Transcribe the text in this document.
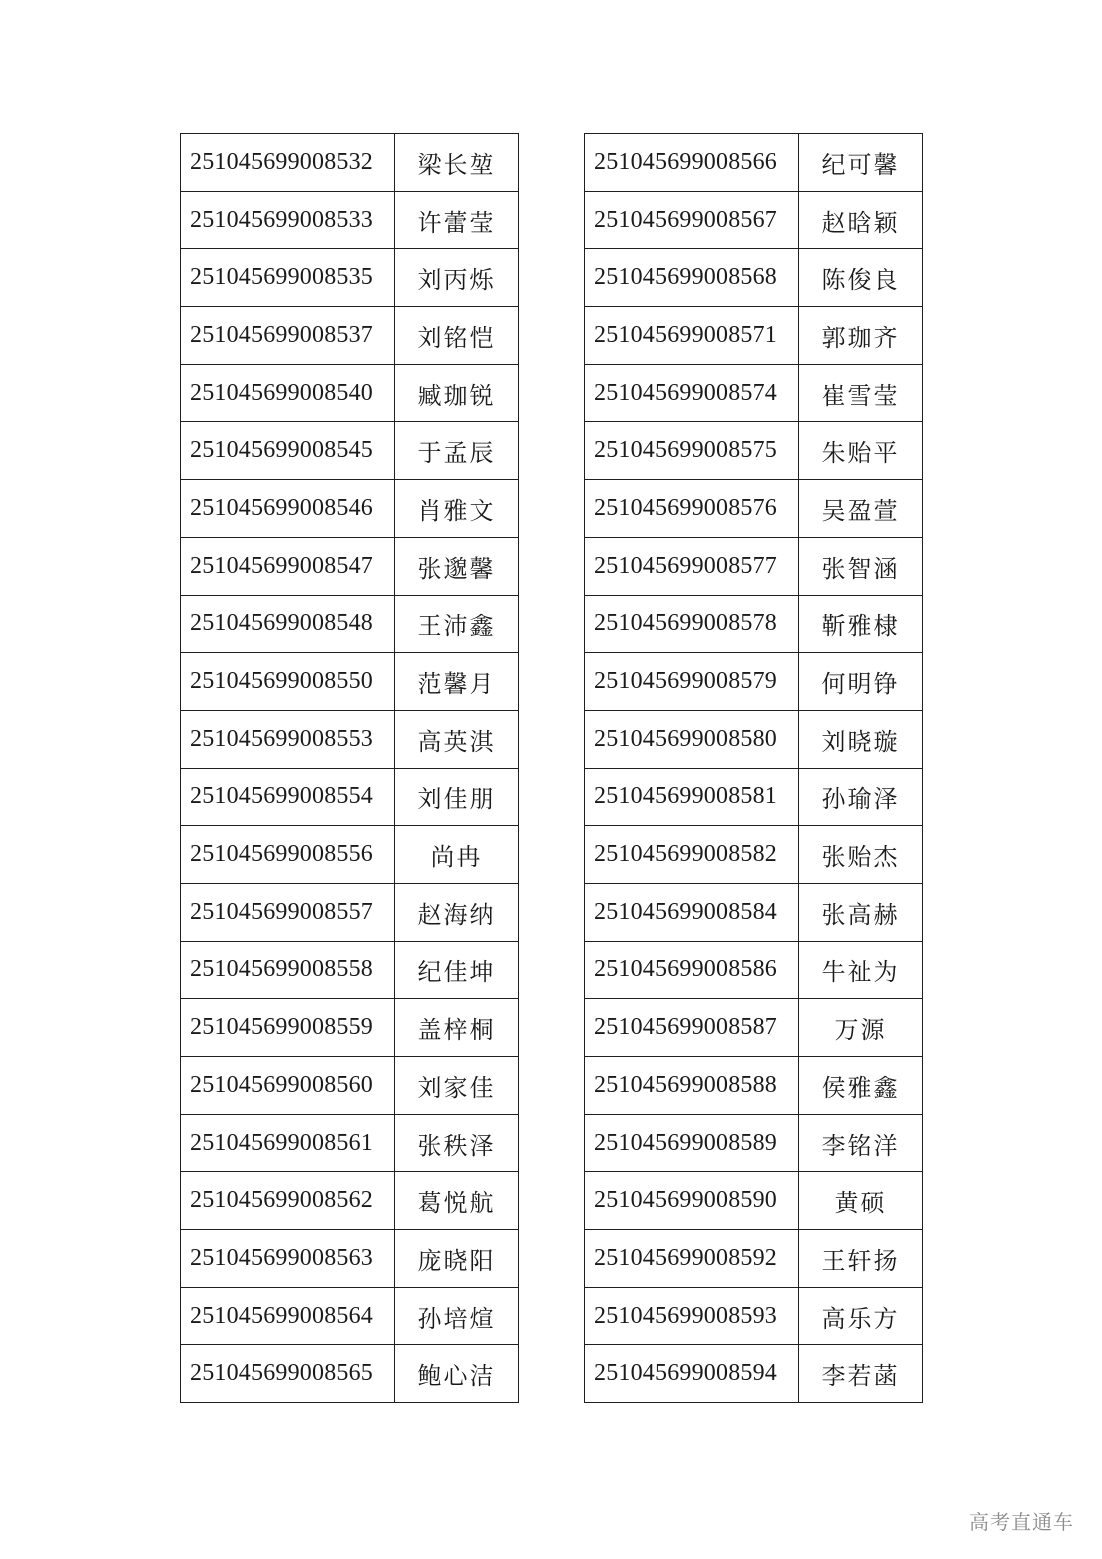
251045699008532	梁长堃
251045699008533	许蕾莹
251045699008535	刘丙烁
251045699008537	刘铭恺
251045699008540	臧珈锐
251045699008545	于孟辰
251045699008546	肖雅文
251045699008547	张邈馨
251045699008548	王沛鑫
251045699008550	范馨月
251045699008553	高英淇
251045699008554	刘佳朋
251045699008556	尚冉
251045699008557	赵海纳
251045699008558	纪佳坤
251045699008559	盖梓桐
251045699008560	刘家佳
251045699008561	张秩泽
251045699008562	葛悦航
251045699008563	庞晓阳
251045699008564	孙培煊
251045699008565	鲍心洁
251045699008566	纪可馨
251045699008567	赵晗颖
251045699008568	陈俊良
251045699008571	郭珈齐
251045699008574	崔雪莹
251045699008575	朱贻平
251045699008576	吴盈萱
251045699008577	张智涵
251045699008578	靳雅棣
251045699008579	何明铮
251045699008580	刘晓璇
251045699008581	孙瑜泽
251045699008582	张贻杰
251045699008584	张高赫
251045699008586	牛祉为
251045699008587	万源
251045699008588	侯雅鑫
251045699008589	李铭洋
251045699008590	黄硕
251045699008592	王轩扬
251045699008593	高乐方
251045699008594	李若菡
高考直通车
